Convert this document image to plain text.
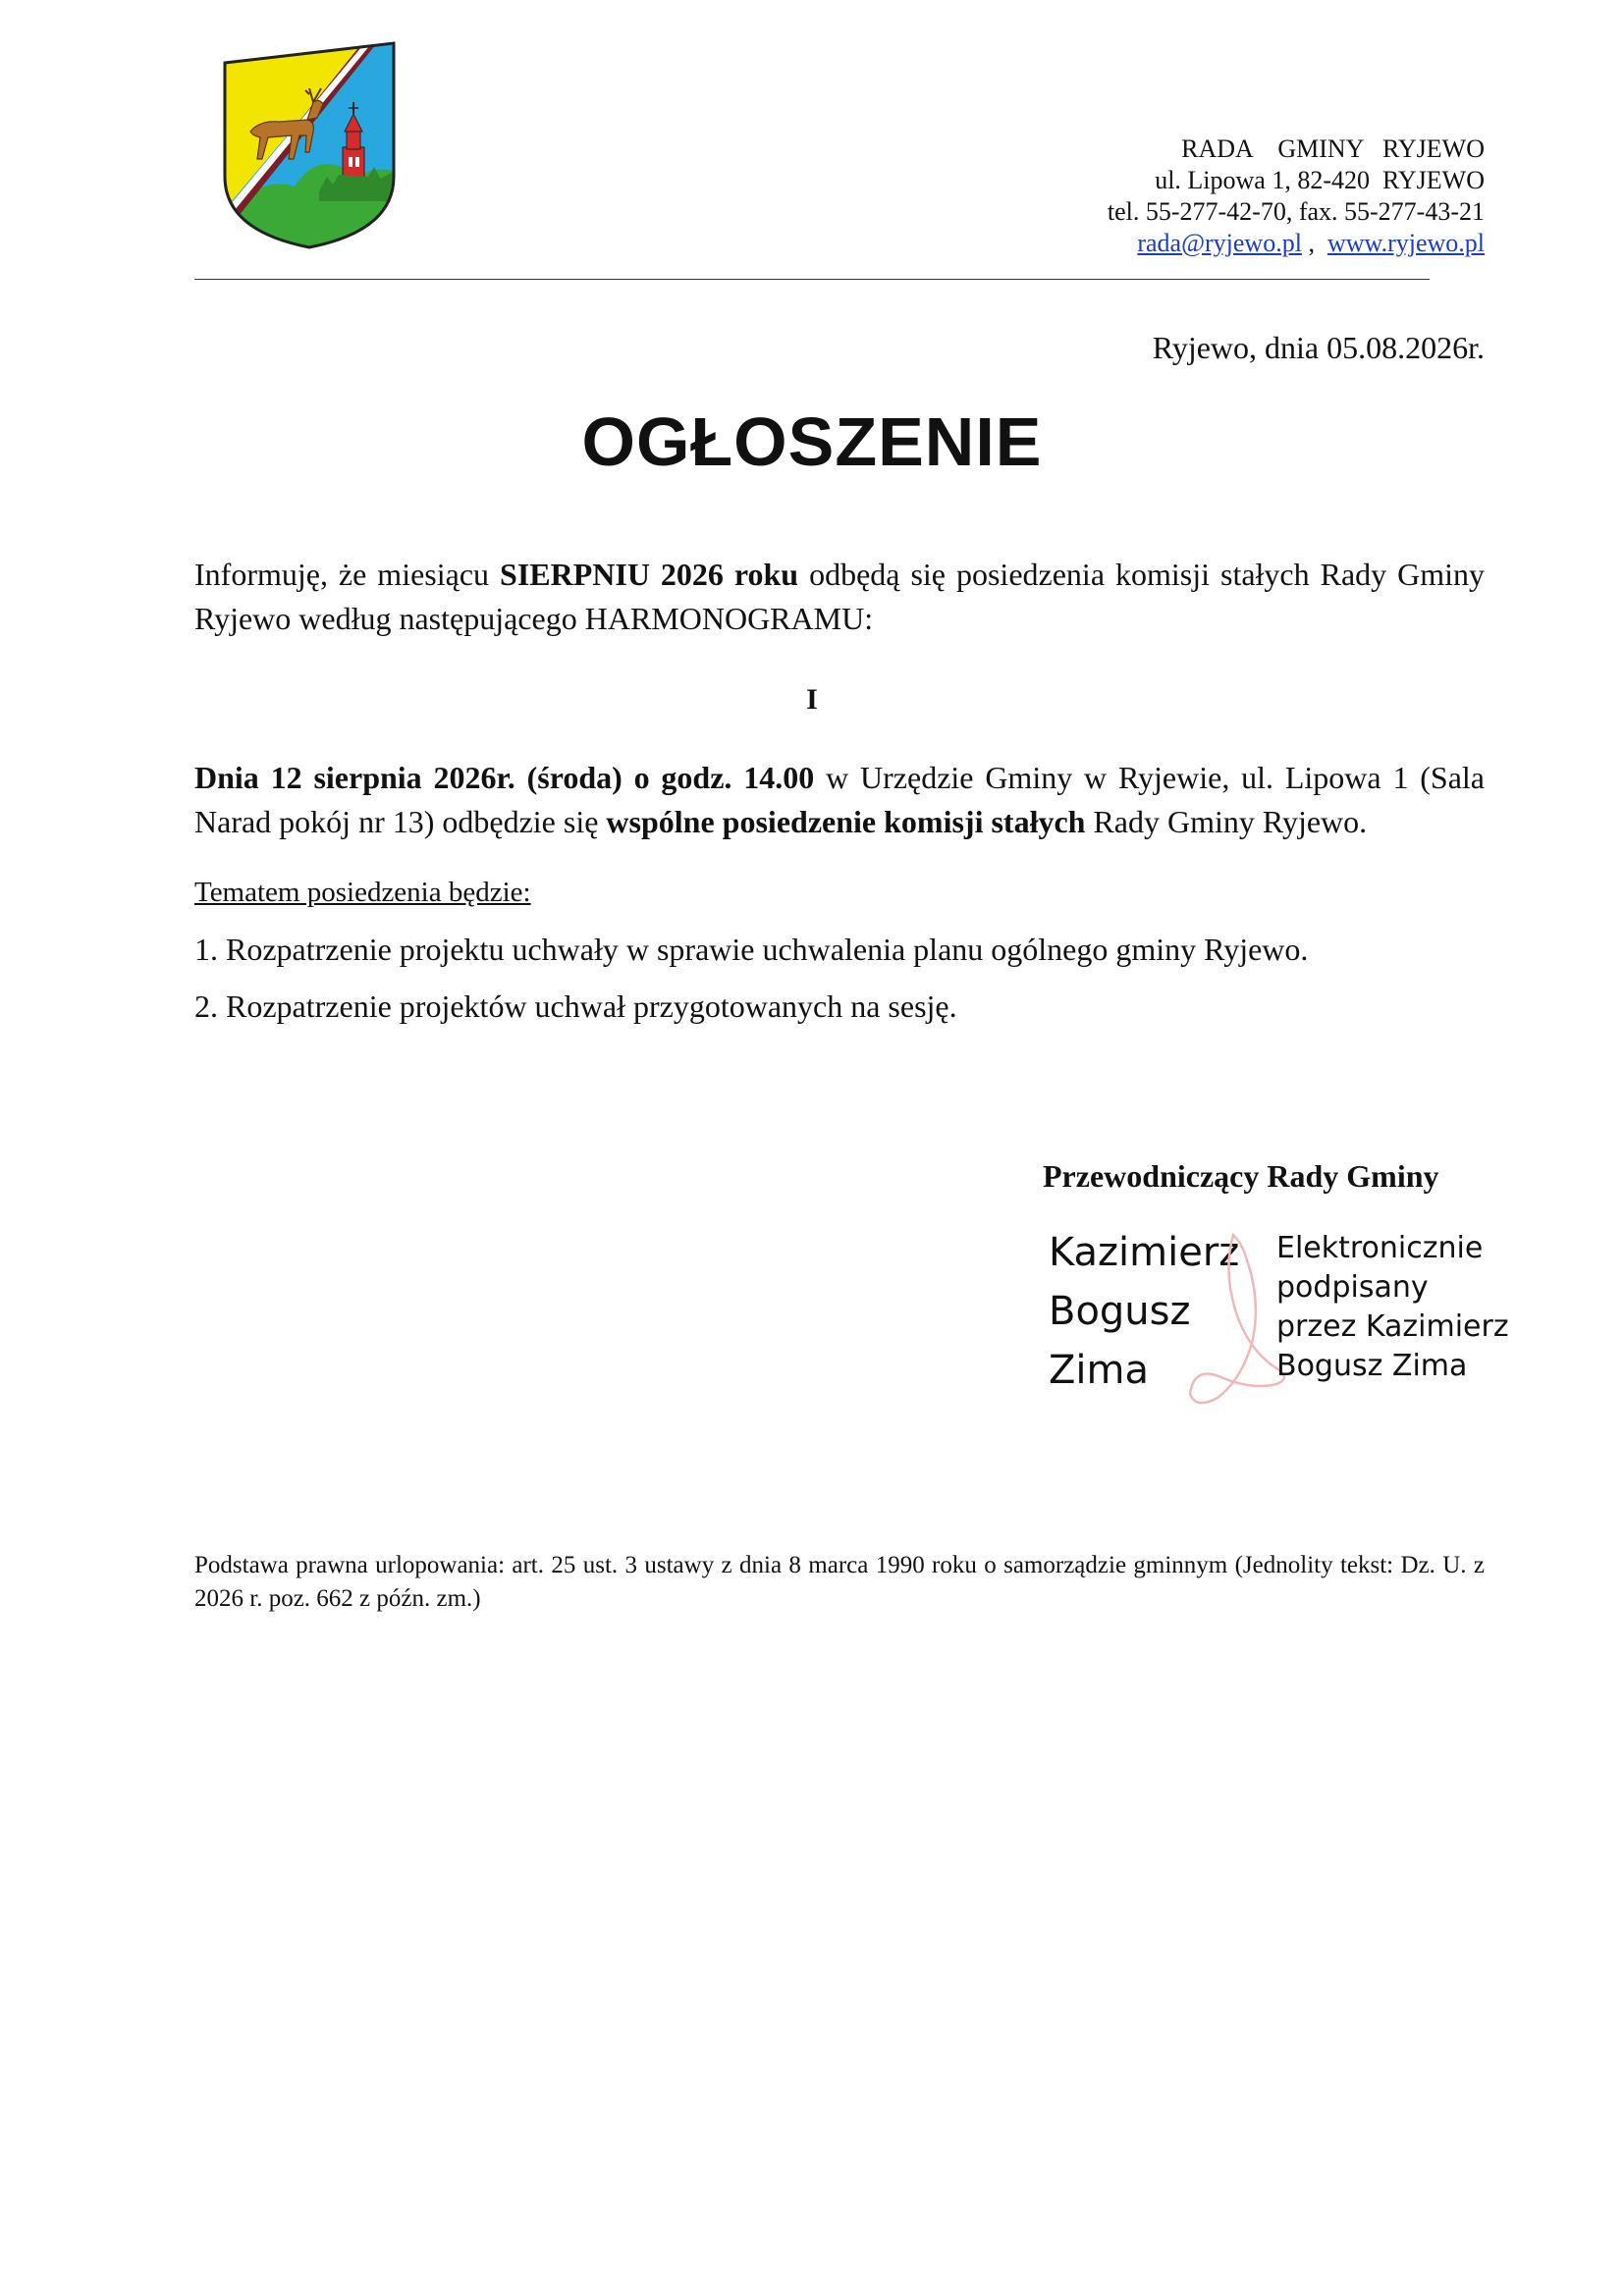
RADA    GMINY   RYJEWO
ul. Lipowa 1, 82-420  RYJEWO
tel. 55-277-42-70, fax. 55-277-43-21
rada@ryjewo.pl ,  www.ryjewo.pl
Ryjewo, dnia 05.08.2026r.
OGŁOSZENIE
Informuję, że miesiącu SIERPNIU 2026 roku odbędą się posiedzenia komisji stałych Rady Gminy Ryjewo według następującego HARMONOGRAMU:
I
Dnia 12 sierpnia 2026r. (środa) o godz. 14.00 w Urzędzie Gminy w Ryjewie, ul. Lipowa 1 (Sala Narad pokój nr 13) odbędzie się wspólne posiedzenie komisji stałych Rady Gminy Ryjewo.
Tematem posiedzenia będzie:
1. Rozpatrzenie projektu uchwały w sprawie uchwalenia planu ogólnego gminy Ryjewo.
2. Rozpatrzenie projektów uchwał przygotowanych na sesję.
Przewodniczący Rady Gminy
Kazimierz
Bogusz
Zima
Elektronicznie
podpisany
przez Kazimierz
Bogusz Zima
Podstawa prawna urlopowania: art. 25 ust. 3 ustawy z dnia 8 marca 1990 roku o samorządzie gminnym (Jednolity tekst: Dz. U. z 2026 r. poz. 662 z późn. zm.)
